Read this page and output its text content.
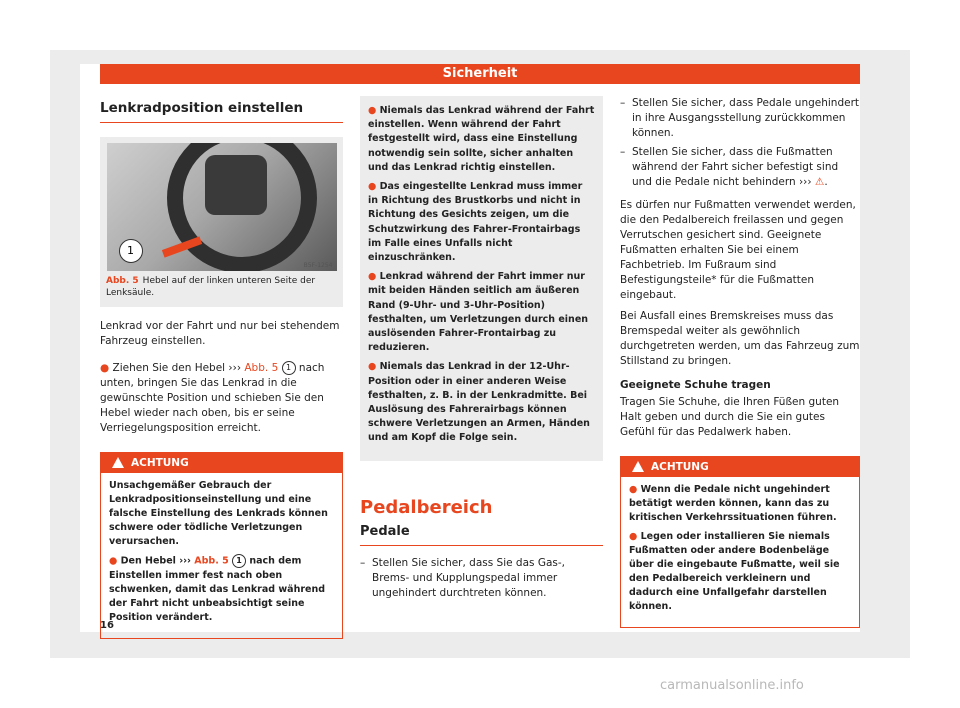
Sicherheit
Lenkradposition einstellen
1
B5F-1254
Abb. 5 Hebel auf der linken unteren Seite der Lenksäule.

Lenkrad vor der Fahrt und nur bei stehendem Fahrzeug einstellen.

● Ziehen Sie den Hebel ››› Abb. 5 1 nach unten, bringen Sie das Lenkrad in die gewünschte Position und schieben Sie den Hebel wieder nach oben, bis er seine Verriegelungsposition erreicht.

ACHTUNG

Unsachgemäßer Gebrauch der Lenkradpositionseinstellung und eine falsche Einstellung des Lenkrads können schwere oder tödliche Verletzungen verursachen.

● Den Hebel ››› Abb. 5 1 nach dem Einstellen immer fest nach oben schwenken, damit das Lenkrad während der Fahrt nicht unbeabsichtigt seine Position verändert.

● Niemals das Lenkrad während der Fahrt einstellen. Wenn während der Fahrt festgestellt wird, dass eine Einstellung notwendig sein sollte, sicher anhalten und das Lenkrad richtig einstellen.

● Das eingestellte Lenkrad muss immer in Richtung des Brustkorbs und nicht in Richtung des Gesichts zeigen, um die Schutzwirkung des Fahrer-Frontairbags im Falle eines Unfalls nicht einzuschränken.

● Lenkrad während der Fahrt immer nur mit beiden Händen seitlich am äußeren Rand (9-Uhr- und 3-Uhr-Position) festhalten, um Verletzungen durch einen auslösenden Fahrer-Frontairbag zu reduzieren.

● Niemals das Lenkrad in der 12-Uhr-Position oder in einer anderen Weise festhalten, z. B. in der Lenkradmitte. Bei Auslösung des Fahrerairbags können schwere Verletzungen an Armen, Händen und am Kopf die Folge sein.

Pedalbereich
Pedale

– Stellen Sie sicher, dass Sie das Gas-, Brems- und Kupplungspedal immer ungehindert durchtreten können.

– Stellen Sie sicher, dass Pedale ungehindert in ihre Ausgangsstellung zurückkommen können.

– Stellen Sie sicher, dass die Fußmatten während der Fahrt sicher befestigt sind und die Pedale nicht behindern ››› ⚠.

Es dürfen nur Fußmatten verwendet werden, die den Pedalbereich freilassen und gegen Verrutschen gesichert sind. Geeignete Fußmatten erhalten Sie bei einem Fachbetrieb. Im Fußraum sind Befestigungsteile* für die Fußmatten eingebaut.

Bei Ausfall eines Bremskreises muss das Bremspedal weiter als gewöhnlich durchgetreten werden, um das Fahrzeug zum Stillstand zu bringen.

Geeignete Schuhe tragen

Tragen Sie Schuhe, die Ihren Füßen guten Halt geben und durch die Sie ein gutes Gefühl für das Pedalwerk haben.

ACHTUNG

● Wenn die Pedale nicht ungehindert betätigt werden können, kann das zu kritischen Verkehrssituationen führen.

● Legen oder installieren Sie niemals Fußmatten oder andere Bodenbeläge über die eingebaute Fußmatte, weil sie den Pedalbereich verkleinern und dadurch eine Unfallgefahr darstellen können.

16
carmanualsonline.info
